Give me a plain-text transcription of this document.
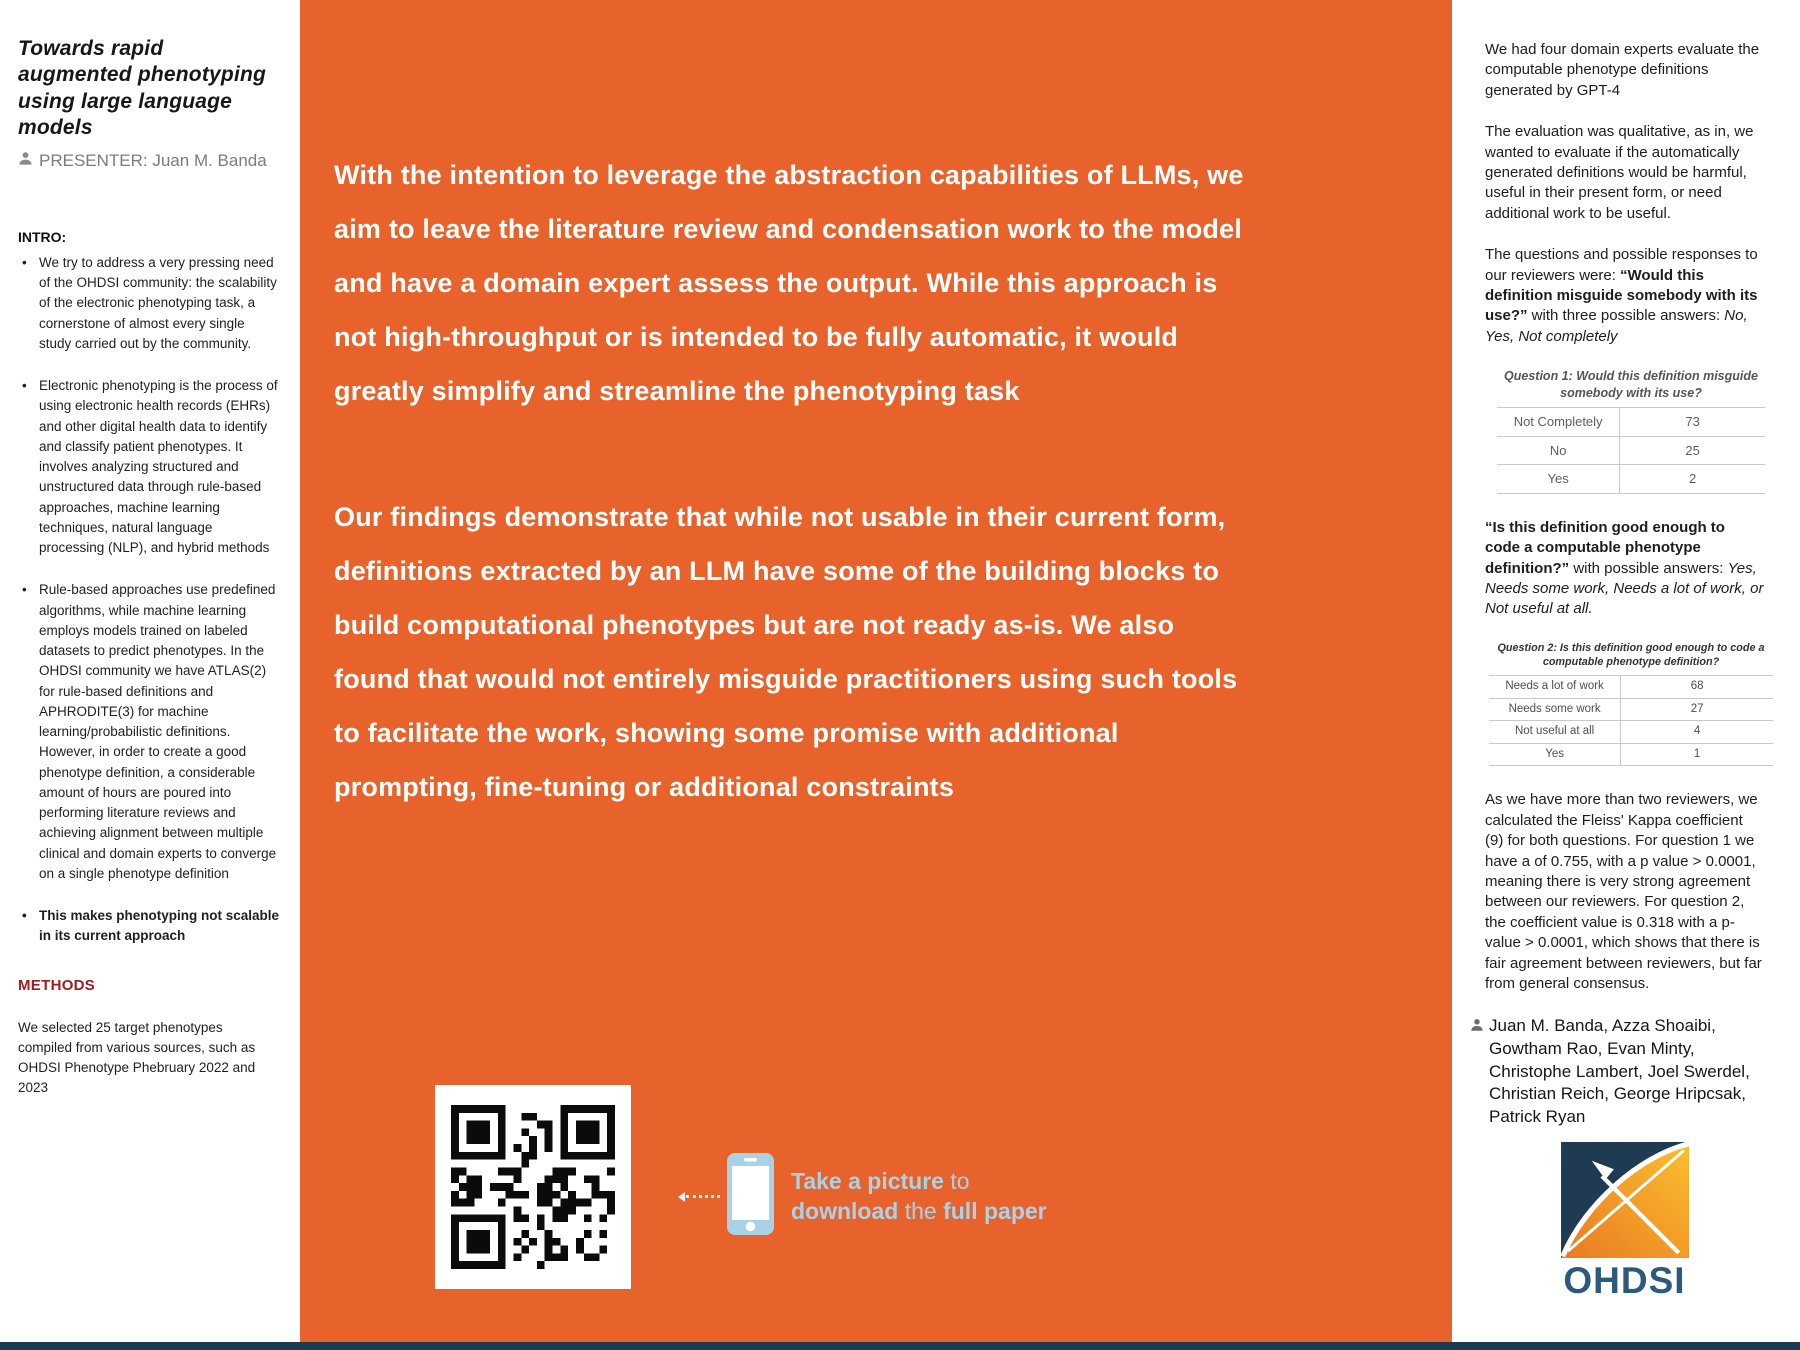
Towards rapid augmented phenotyping using large language models
PRESENTER: Juan M. Banda
INTRO:
• We try to address a very pressing need of the OHDSI community: the scalability of the electronic phenotyping task, a cornerstone of almost every single study carried out by the community.
• Electronic phenotyping is the process of using electronic health records (EHRs) and other digital health data to identify and classify patient phenotypes. It involves analyzing structured and unstructured data through rule-based approaches, machine learning techniques, natural language processing (NLP), and hybrid methods
• Rule-based approaches use predefined algorithms, while machine learning employs models trained on labeled datasets to predict phenotypes. In the OHDSI community we have ATLAS(2) for rule-based definitions and APHRODITE(3) for machine learning/probabilistic definitions. However, in order to create a good phenotype definition, a considerable amount of hours are poured into performing literature reviews and achieving alignment between multiple clinical and domain experts to converge on a single phenotype definition
• This makes phenotyping not scalable in its current approach
METHODS
We selected 25 target phenotypes compiled from various sources, such as OHDSI Phenotype Phebruary 2022 and 2023

With the intention to leverage the abstraction capabilities of LLMs, we aim to leave the literature review and condensation work to the model and have a domain expert assess the output. While this approach is not high-throughput or is intended to be fully automatic, it would greatly simplify and streamline the phenotyping task

Our findings demonstrate that while not usable in their current form, definitions extracted by an LLM have some of the building blocks to build computational phenotypes but are not ready as-is. We also found that would not entirely misguide practitioners using such tools to facilitate the work, showing some promise with additional prompting, fine-tuning or additional constraints

Take a picture to
download the full paper

We had four domain experts evaluate the computable phenotype definitions generated by GPT-4

The evaluation was qualitative, as in, we wanted to evaluate if the automatically generated definitions would be harmful, useful in their present form, or need additional work to be useful.

The questions and possible responses to our reviewers were: “Would this definition misguide somebody with its use?” with three possible answers: No, Yes, Not completely

Question 1: Would this definition misguide somebody with its use?
Not Completely	73
No	25
Yes	2

“Is this definition good enough to code a computable phenotype definition?” with possible answers: Yes, Needs some work, Needs a lot of work, or Not useful at all.

Question 2: Is this definition good enough to code a computable phenotype definition?
Needs a lot of work	68
Needs some work	27
Not useful at all	4
Yes	1

As we have more than two reviewers, we calculated the Fleiss' Kappa coefficient (9) for both questions. For question 1 we have a of 0.755, with a p value > 0.0001, meaning there is very strong agreement between our reviewers. For question 2, the coefficient value is 0.318 with a p-value > 0.0001, which shows that there is fair agreement between reviewers, but far from general consensus.

Juan M. Banda, Azza Shoaibi, Gowtham Rao, Evan Minty, Christophe Lambert, Joel Swerdel, Christian Reich, George Hripcsak, Patrick Ryan
OHDSI
